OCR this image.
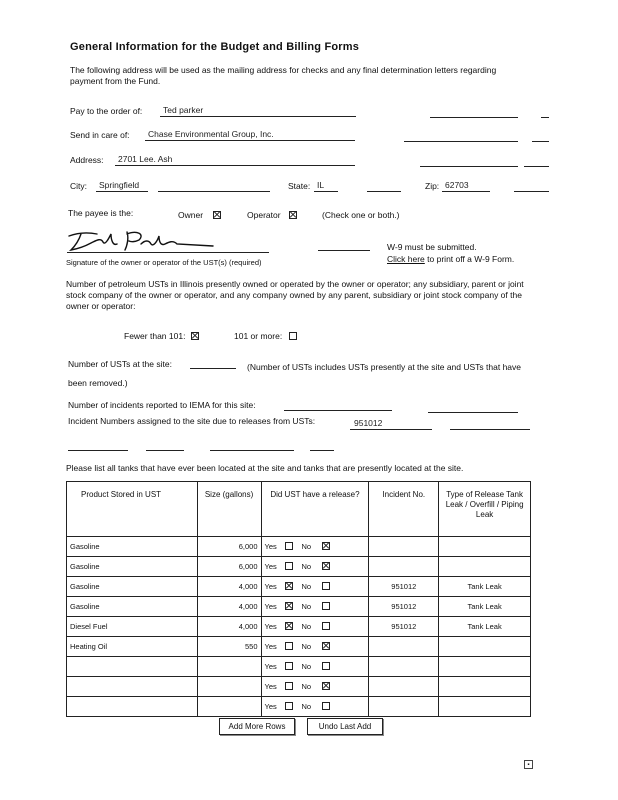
General Information for the Budget and Billing Forms
The following address will be used as the mailing address for checks and any final determination letters regarding payment from the Fund.
Pay to the order of: Ted parker
Send in care of: Chase Environmental Group, Inc.
Address: 2701 Lee. Ash
City: Springfield	State: IL	Zip: 62703
The payee is the:	Owner	Operator	(Check one or both.)
Signature of the owner or operator of the UST(s) (required)
W-9 must be submitted.
Click here to print off a W-9 Form.
Number of petroleum USTs in Illinois presently owned or operated by the owner or operator; any subsidiary, parent or joint stock company of the owner or operator, and any company owned by any parent, subsidiary or joint stock company of the owner or operator:
Fewer than 101:	101 or more:
Number of USTs at the site:	(Number of USTs includes USTs presently at the site and USTs that have been removed.)
Number of incidents reported to IEMA for this site:
Incident Numbers assigned to the site due to releases from USTs:	951012
Please list all tanks that have ever been located at the site and tanks that are presently located at the site.
Product Stored in UST	Size (gallons)	Did UST have a release?	Incident No.	Type of Release Tank Leak / Overfill / Piping Leak
Gasoline	6,000	Yes No		
Gasoline	6,000	Yes No		
Gasoline	4,000	Yes No	951012	Tank Leak
Gasoline	4,000	Yes No	951012	Tank Leak
Diesel Fuel	4,000	Yes No	951012	Tank Leak
Heating Oil	550	Yes No		
		Yes No		
		Yes No		
		Yes No		
Add More Rows	Undo Last Add
▪
